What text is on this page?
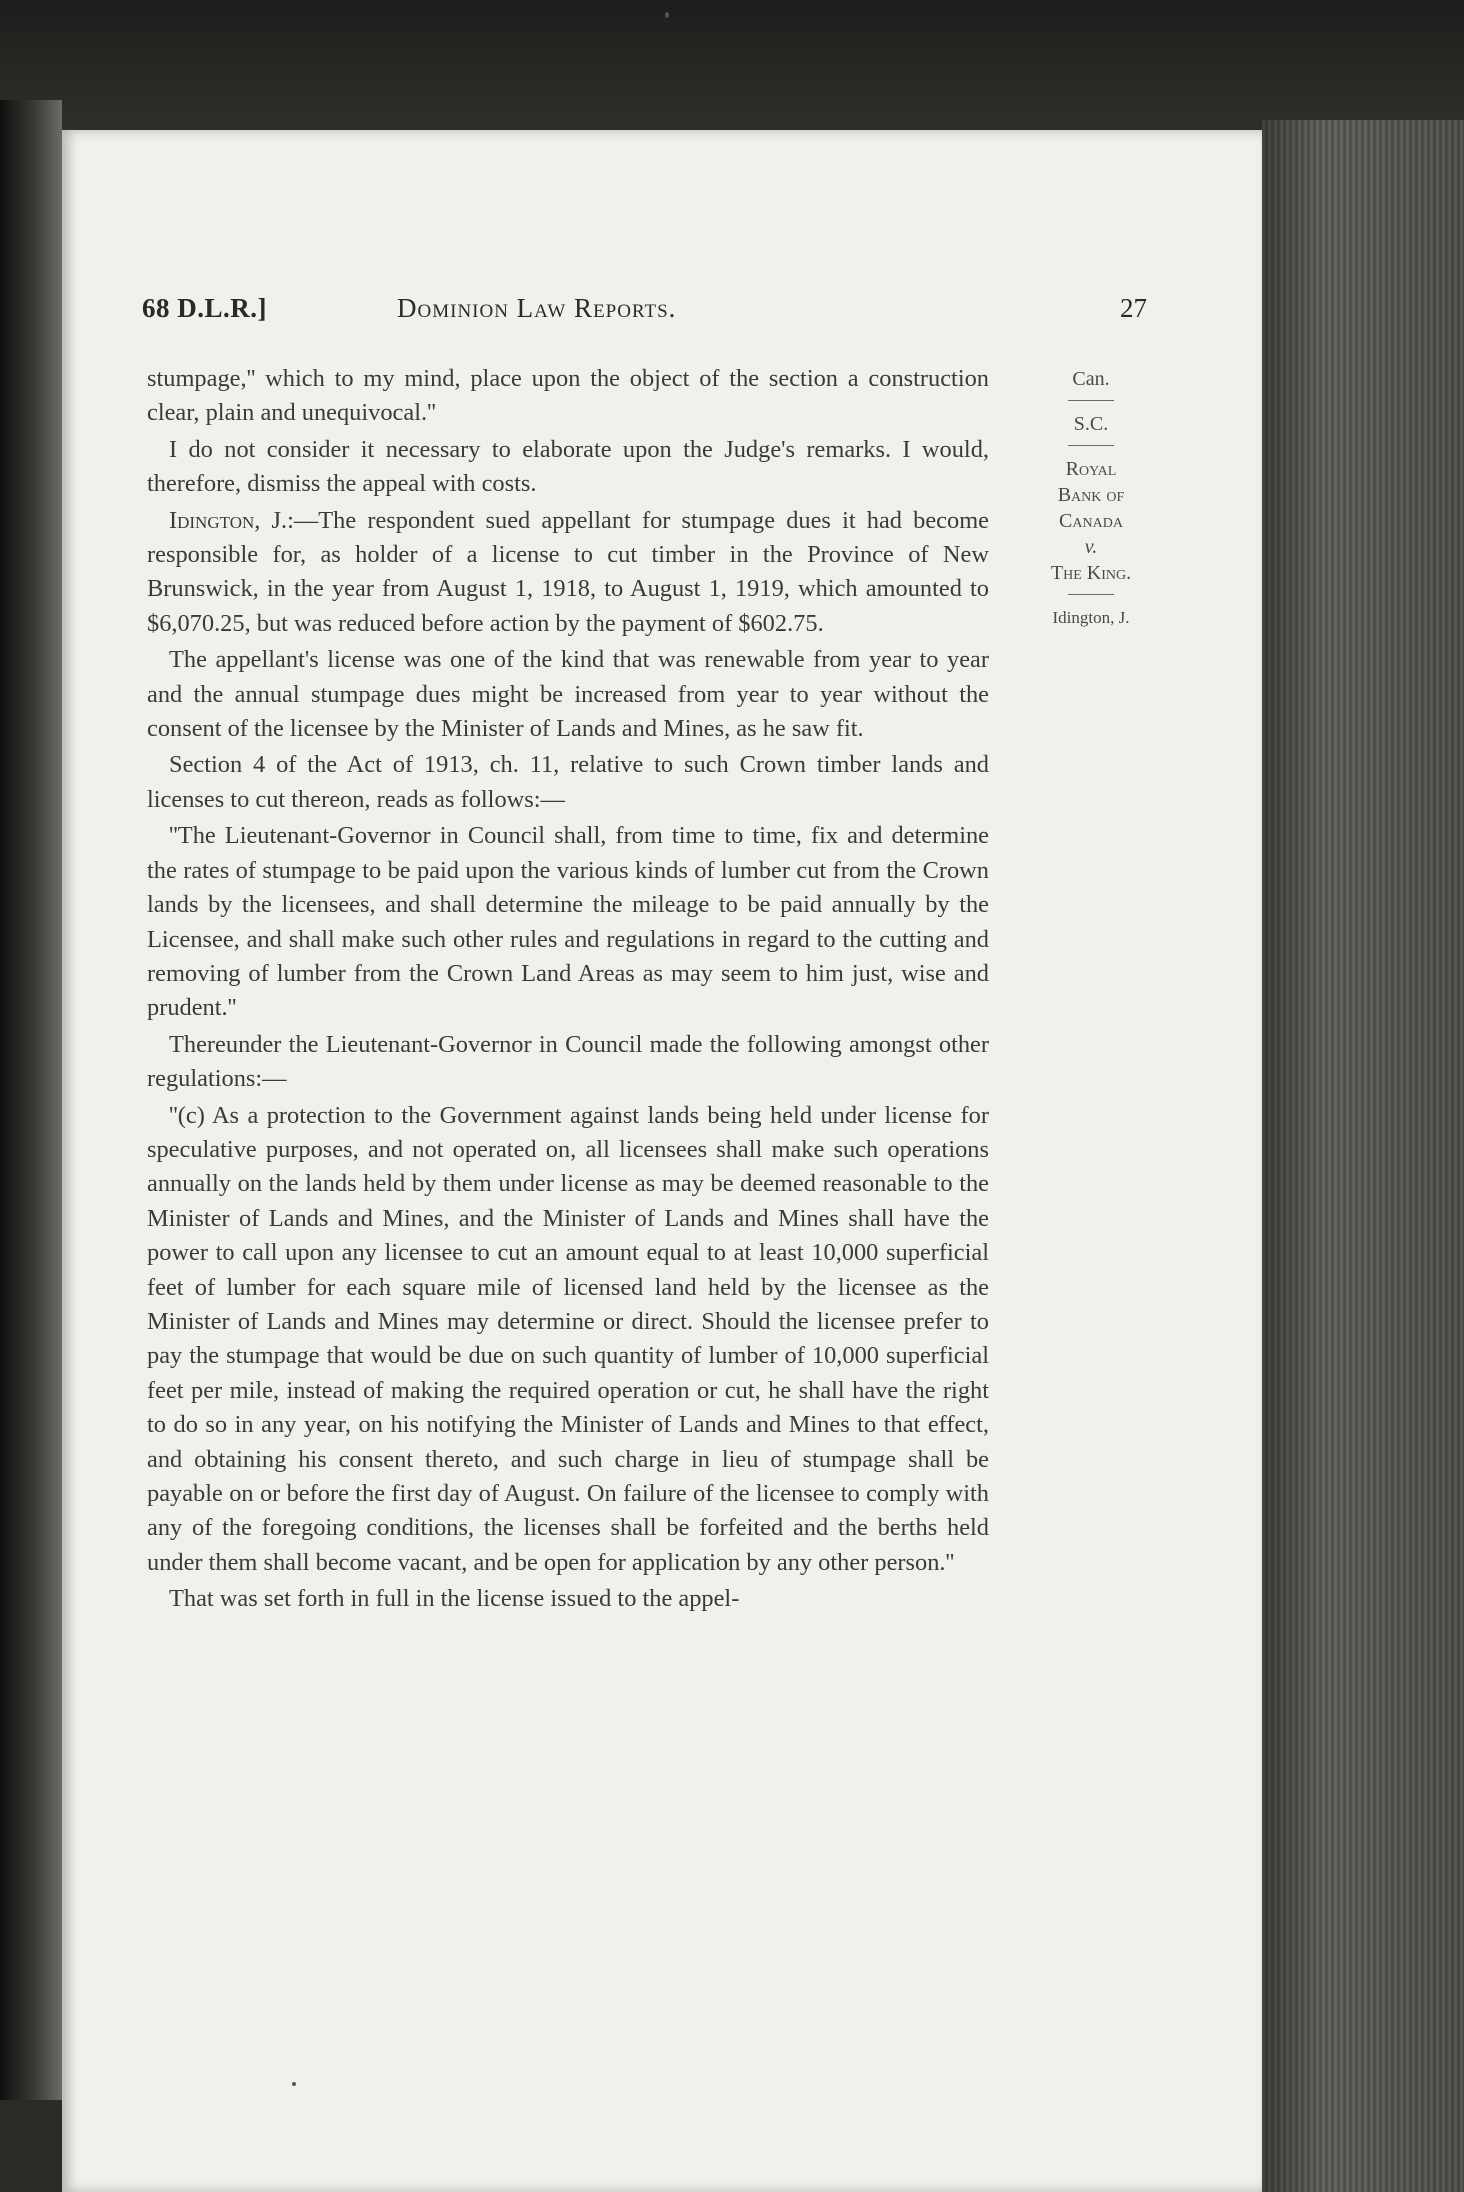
68 D.L.R.]	Dominion Law Reports.	27

stumpage,'' which to my mind, place upon the object of the section a construction clear, plain and unequivocal.''

I do not consider it necessary to elaborate upon the Judge's remarks. I would, therefore, dismiss the appeal with costs.

Idington, J.:—The respondent sued appellant for stumpage dues it had become responsible for, as holder of a license to cut timber in the Province of New Brunswick, in the year from August 1, 1918, to August 1, 1919, which amounted to $6,070.25, but was reduced before action by the payment of $602.75.

The appellant's license was one of the kind that was renewable from year to year and the annual stumpage dues might be increased from year to year without the consent of the licensee by the Minister of Lands and Mines, as he saw fit.

Section 4 of the Act of 1913, ch. 11, relative to such Crown timber lands and licenses to cut thereon, reads as follows:—

''The Lieutenant-Governor in Council shall, from time to time, fix and determine the rates of stumpage to be paid upon the various kinds of lumber cut from the Crown lands by the licensees, and shall determine the mileage to be paid annually by the Licensee, and shall make such other rules and regulations in regard to the cutting and removing of lumber from the Crown Land Areas as may seem to him just, wise and prudent.''

Thereunder the Lieutenant-Governor in Council made the following amongst other regulations:—

''(c) As a protection to the Government against lands being held under license for speculative purposes, and not operated on, all licensees shall make such operations annually on the lands held by them under license as may be deemed reasonable to the Minister of Lands and Mines, and the Minister of Lands and Mines shall have the power to call upon any licensee to cut an amount equal to at least 10,000 superficial feet of lumber for each square mile of licensed land held by the licensee as the Minister of Lands and Mines may determine or direct. Should the licensee prefer to pay the stumpage that would be due on such quantity of lumber of 10,000 superficial feet per mile, instead of making the required operation or cut, he shall have the right to do so in any year, on his notifying the Minister of Lands and Mines to that effect, and obtaining his consent thereto, and such charge in lieu of stumpage shall be payable on or before the first day of August. On failure of the licensee to comply with any of the foregoing conditions, the licenses shall be forfeited and the berths held under them shall become vacant, and be open for application by any other person.''

That was set forth in full in the license issued to the appel-

Can.

S.C.

Royal

Bank of

Canada

v.

The King.

Idington, J.
